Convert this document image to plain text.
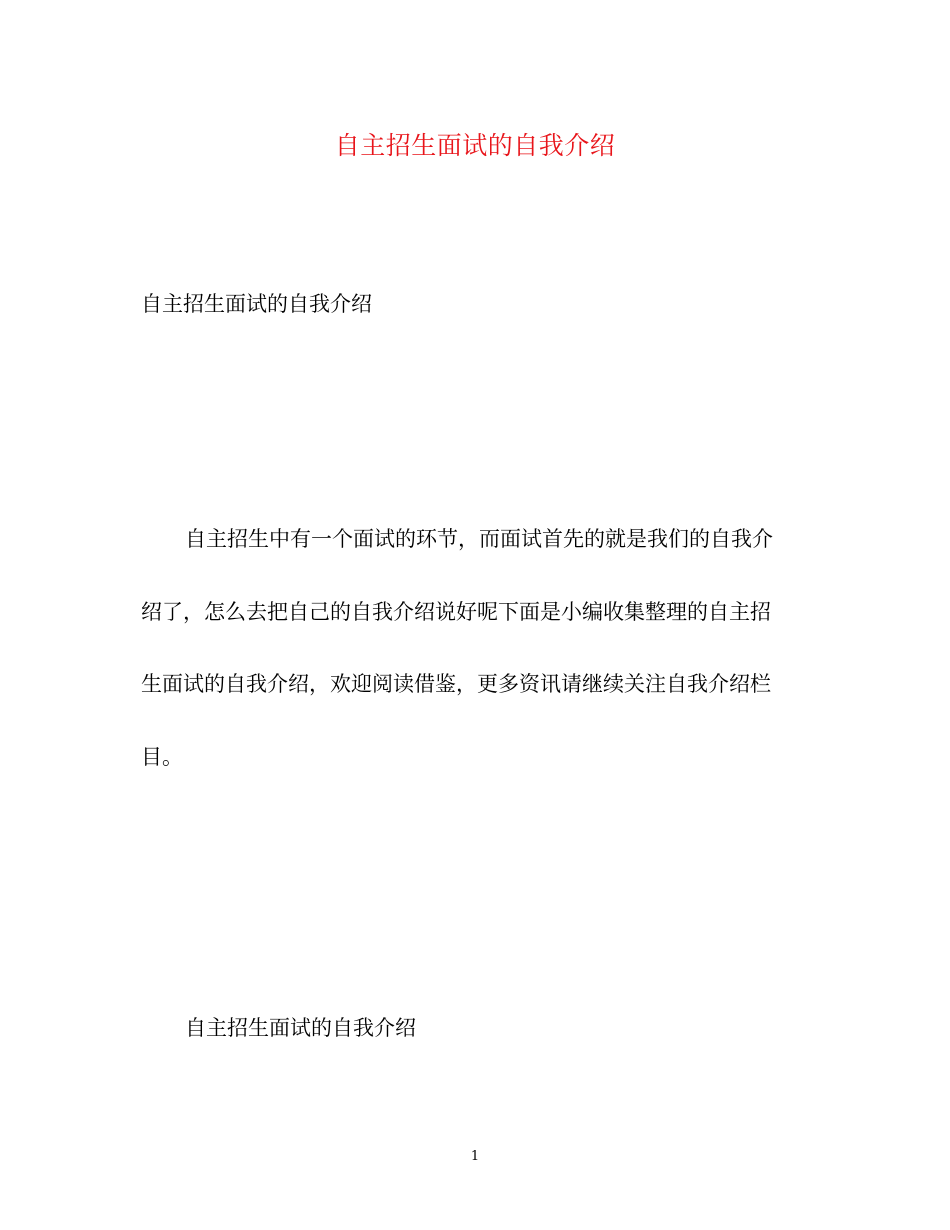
自主招生面试的自我介绍
自主招生面试的自我介绍
自主招生中有一个面试的环节，而面试首先的就是我们的自我介
绍了，怎么去把自己的自我介绍说好呢下面是小编收集整理的自主招
生面试的自我介绍，欢迎阅读借鉴，更多资讯请继续关注自我介绍栏
目。
自主招生面试的自我介绍
1
